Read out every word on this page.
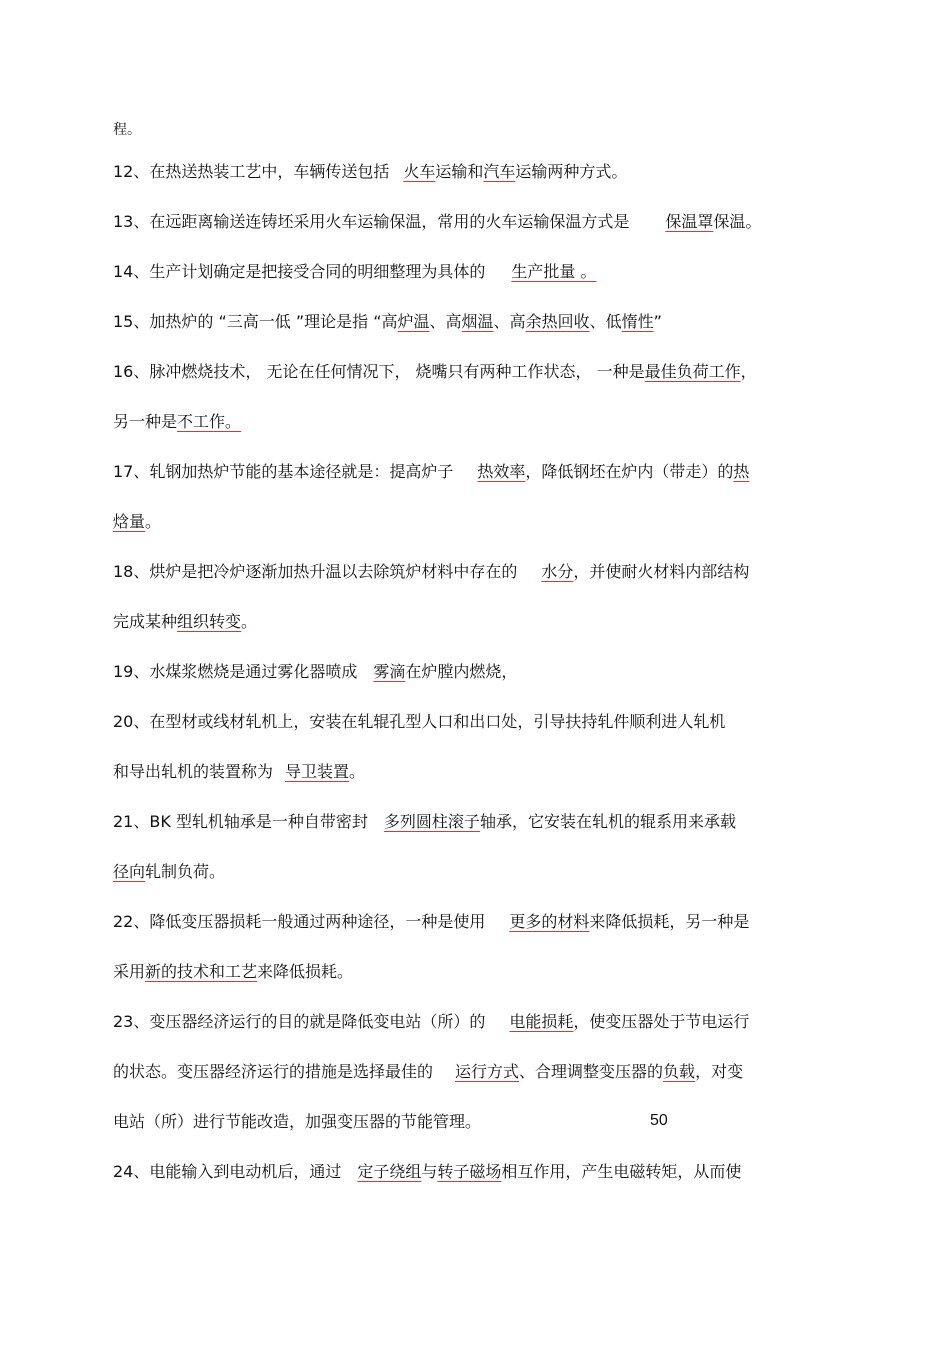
程。
12、在热送热装工艺中，车辆传送包括 火车运输和汽车运输两种方式。
13、在远距离输送连铸坯采用火车运输保温，常用的火车运输保温方式是 保温罩保温。
14、生产计划确定是把接受合同的明细整理为具体的 生产批量 。
15、加热炉的 “三高一低 ”理论是指 “高炉温、高烟温、高余热回收、低惰性”
16、脉冲燃烧技术， 无论在任何情况下， 烧嘴只有两种工作状态， 一种是最佳负荷工作，
另一种是不工作。
17、轧钢加热炉节能的基本途径就是：提高炉子 热效率，降低钢坯在炉内（带走）的热
焓量。
18、烘炉是把冷炉逐渐加热升温以去除筑炉材料中存在的 水分，并使耐火材料内部结构
完成某种组织转变。
19、水煤浆燃烧是通过雾化器喷成 雾滴在炉膛内燃烧，
20、在型材或线材轧机上，安装在轧辊孔型人口和出口处，引导扶持轧件顺利进人轧机
和导出轧机的装置称为 导卫装置。
21、BK 型轧机轴承是一种自带密封 多列圆柱滚子轴承，它安装在轧机的辊系用来承载
径向轧制负荷。
22、降低变压器损耗一般通过两种途径，一种是使用 更多的材料来降低损耗，另一种是
采用新的技术和工艺来降低损耗。
23、变压器经济运行的目的就是降低变电站（所）的 电能损耗，使变压器处于节电运行
的状态。变压器经济运行的措施是选择最佳的 运行方式、合理调整变压器的负载，对变
电站（所）进行节能改造，加强变压器的节能管理。	50
24、电能输入到电动机后，通过 定子绕组与转子磁场相互作用，产生电磁转矩，从而使
